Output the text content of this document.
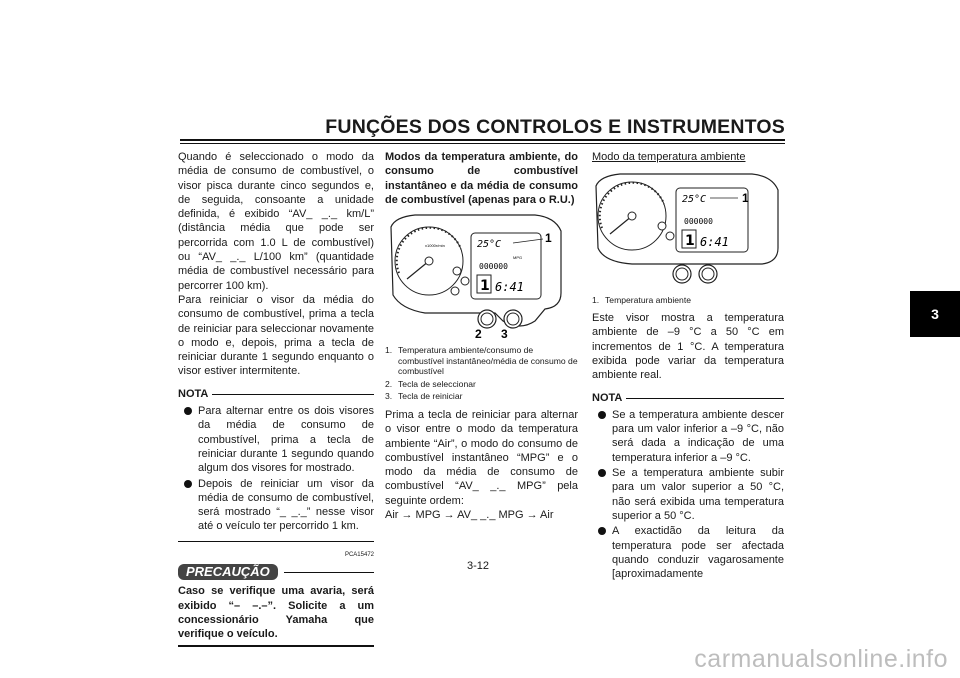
FUNÇÕES DOS CONTROLOS E INSTRUMENTOS
3

Quando é seleccionado o modo da média de consumo de combustível, o visor pisca durante cinco segundos e, de seguida, consoante a unidade definida, é exibido “AV_ _._ km/L” (distância média que pode ser percorrida com 1.0 L de combustível) ou “AV_ _._ L/100 km” (quantidade média de combustível necessário para percorrer 100 km).

Para reiniciar o visor da média do consumo de combustível, prima a tecla de reiniciar para seleccionar novamente o modo e, depois, prima a tecla de reiniciar durante 1 segundo enquanto o visor estiver intermitente.

NOTA
Para alternar entre os dois visores da média de consumo de combustível, prima a tecla de reiniciar durante 1 segundo quando algum dos visores for mostrado.
Depois de reiniciar um visor da média de consumo de combustível, será mostrado “_ _._” nesse visor até o veículo ter percorrido 1 km.
PCA15472
PRECAUÇÃO

Caso se verifique uma avaria, será exibido “– –.–”. Solicite a um concessionário Yamaha que verifique o veículo.

Modos da temperatura ambiente, do consumo de combustível instantâneo e da média de consumo de combustível (apenas para o R.U.)

x1000r/min	25°C
MPG
000000
1 6:41
1
2 3
1. Temperatura ambiente/consumo de combustível instantâneo/média de consumo de combustível
2. Tecla de seleccionar
3. Tecla de reiniciar

Prima a tecla de reiniciar para alternar o visor entre o modo da temperatura ambiente “Air”, o modo do consumo de combustível instantâneo “MPG” e o modo da média de consumo de combustível “AV_ _._ MPG” pela seguinte ordem:

Air → MPG → AV_ _._ MPG → Air

Modo da temperatura ambiente

25°C
000000
1 6:41
1
1. Temperatura ambiente

Este visor mostra a temperatura ambiente de –9 °C a 50 °C em incrementos de 1 °C. A temperatura exibida pode variar da temperatura ambiente real.

NOTA
Se a temperatura ambiente descer para um valor inferior a –9 °C, não será dada a indicação de uma temperatura inferior a –9 °C.
Se a temperatura ambiente subir para um valor superior a 50 °C, não será exibida uma temperatura superior a 50 °C.
A exactidão da leitura da temperatura pode ser afectada quando conduzir vagarosamente [aproximadamente
3-12
carmanualsonline.info
